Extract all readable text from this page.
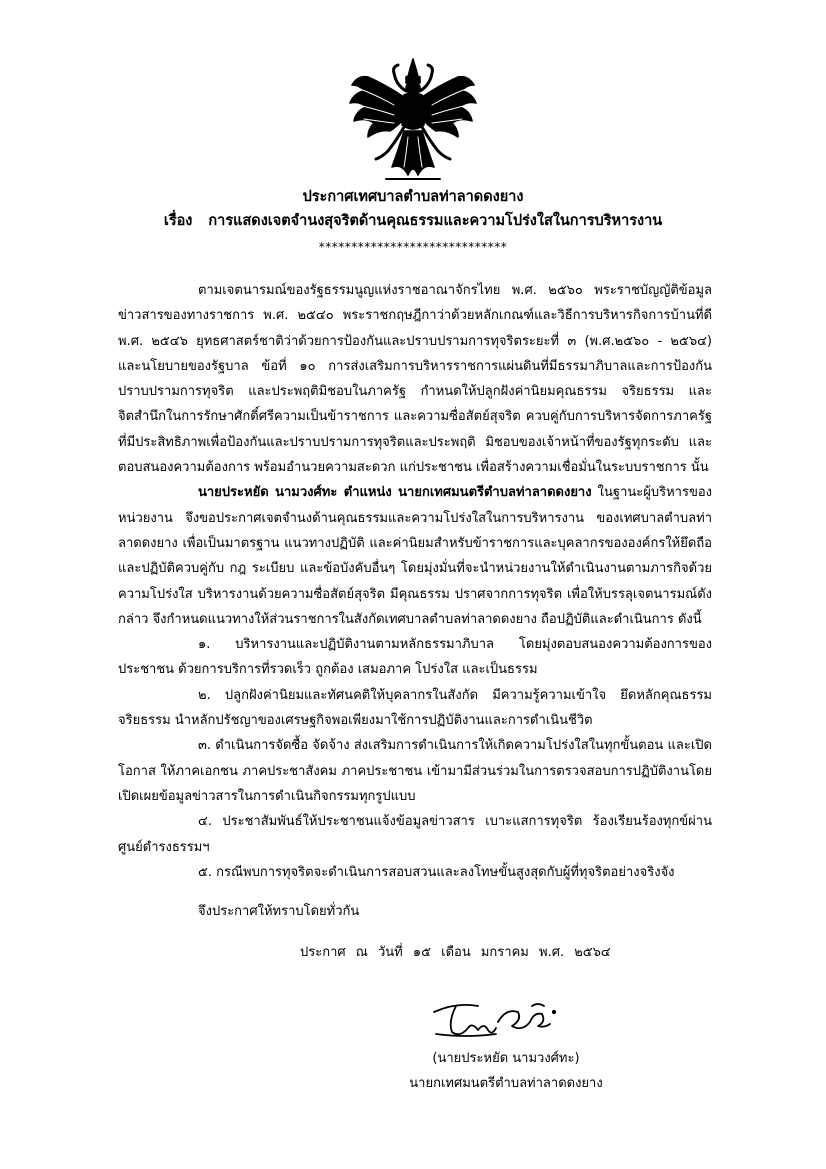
ประกาศเทศบาลตำบลท่าลาดดงยาง

เรื่อง การแสดงเจตจำนงสุจริตด้านคุณธรรมและความโปร่งใสในการบริหารงาน

*****************************

ตามเจตนารมณ์ของรัฐธรรมนูญแห่งราชอาณาจักรไทย พ.ศ. ๒๕๖๐ พระราชบัญญัติข้อมูลข่าวสารของทางราชการ พ.ศ. ๒๕๔๐ พระราชกฤษฎีกาว่าด้วยหลักเกณฑ์และวิธีการบริหารกิจการบ้านที่ดี พ.ศ. ๒๕๔๖ ยุทธศาสตร์ชาติว่าด้วยการป้องกันและปราบปรามการทุจริตระยะที่ ๓ (พ.ศ.๒๕๖๐ - ๒๕๖๔) และนโยบายของรัฐบาล ข้อที่ ๑๐ การส่งเสริมการบริหารราชการแผ่นดินที่มีธรรมาภิบาลและการป้องกันปราบปรามการทุจริต และประพฤติมิชอบในภาครัฐ กำหนดให้ปลูกฝังค่านิยมคุณธรรม จริยธรรม และจิตสำนึกในการรักษาศักดิ์ศรีความเป็นข้าราชการ และความซื่อสัตย์สุจริต ควบคู่กับการบริหารจัดการภาครัฐที่มีประสิทธิภาพเพื่อป้องกันและปราบปรามการทุจริตและประพฤติ มิชอบของเจ้าหน้าที่ของรัฐทุกระดับ และตอบสนองความต้องการ พร้อมอำนวยความสะดวก แก่ประชาชน เพื่อสร้างความเชื่อมั่นในระบบราชการ นั้น

นายประหยัด นามวงศ์ทะ ตำแหน่ง นายกเทศมนตรีตำบลท่าลาดดงยาง ในฐานะผู้บริหารของหน่วยงาน จึงขอประกาศเจตจำนงด้านคุณธรรมและความโปร่งใสในการบริหารงาน ของเทศบาลตำบลท่าลาดดงยาง เพื่อเป็นมาตรฐาน แนวทางปฏิบัติ และค่านิยมสำหรับข้าราชการและบุคลากรขององค์กรให้ยึดถือและปฏิบัติควบคู่กับ กฎ ระเบียบ และข้อบังคับอื่นๆ โดยมุ่งมั่นที่จะนำหน่วยงานให้ดำเนินงานตามภารกิจด้วยความโปร่งใส บริหารงานด้วยความซื่อสัตย์สุจริต มีคุณธรรม ปราศจากการทุจริต เพื่อให้บรรลุเจตนารมณ์ดังกล่าว จึงกำหนดแนวทางให้ส่วนราชการในสังกัดเทศบาลตำบลท่าลาดดงยาง ถือปฏิบัติและดำเนินการ ดังนี้

๑. บริหารงานและปฏิบัติงานตามหลักธรรมาภิบาล โดยมุ่งตอบสนองความต้องการของประชาชน ด้วยการบริการที่รวดเร็ว ถูกต้อง เสมอภาค โปร่งใส และเป็นธรรม

๒. ปลูกฝังค่านิยมและทัศนคติให้บุคลากรในสังกัด มีความรู้ความเข้าใจ ยึดหลักคุณธรรมจริยธรรม นำหลักปรัชญาของเศรษฐกิจพอเพียงมาใช้การปฏิบัติงานและการดำเนินชีวิต

๓. ดำเนินการจัดซื้อ จัดจ้าง ส่งเสริมการดำเนินการให้เกิดความโปร่งใสในทุกขั้นตอน และเปิดโอกาส ให้ภาคเอกชน ภาคประชาสังคม ภาคประชาชน เข้ามามีส่วนร่วมในการตรวจสอบการปฏิบัติงานโดยเปิดเผยข้อมูลข่าวสารในการดำเนินกิจกรรมทุกรูปแบบ

๔. ประชาสัมพันธ์ให้ประชาชนแจ้งข้อมูลข่าวสาร เบาะแสการทุจริต ร้องเรียนร้องทุกข์ผ่านศูนย์ดำรงธรรมฯ

๕. กรณีพบการทุจริตจะดำเนินการสอบสวนและลงโทษขั้นสูงสุดกับผู้ที่ทุจริตอย่างจริงจัง

จึงประกาศให้ทราบโดยทั่วกัน

ประกาศ ณ วันที่ ๑๕ เดือน มกราคม พ.ศ. ๒๕๖๔

(นายประหยัด นามวงศ์ทะ)

นายกเทศมนตรีตำบลท่าลาดดงยาง
